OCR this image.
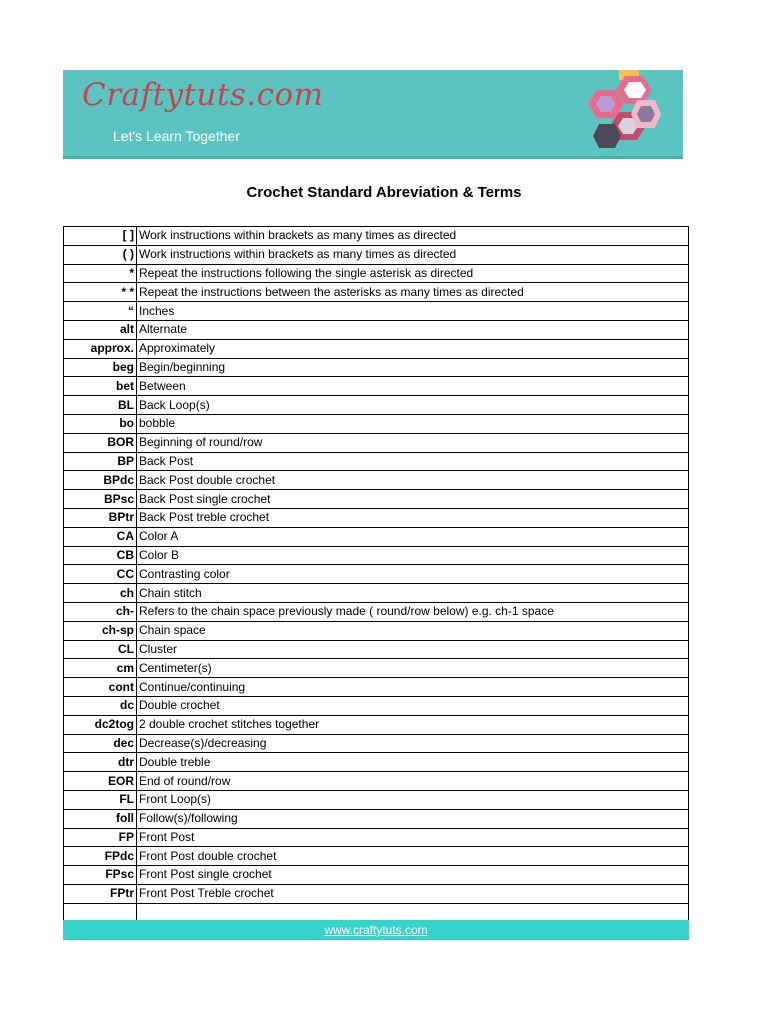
Craftytuts.com
Let's Learn Together
Crochet Standard Abreviation & Terms
[ ]	Work instructions within brackets as many times as directed
( )	Work instructions within brackets as many times as directed
*	Repeat the instructions following the single asterisk as directed
* *	Repeat the instructions between the asterisks as many times as directed
“	Inches
alt	Alternate
approx.	Approximately
beg	Begin/beginning
bet	Between
BL	Back Loop(s)
bo	bobble
BOR	Beginning of round/row
BP	Back Post
BPdc	Back Post double crochet
BPsc	Back Post single crochet
BPtr	Back Post treble crochet
CA	Color A
CB	Color B
CC	Contrasting color
ch	Chain stitch
ch-	Refers to the chain space previously made ( round/row below) e.g. ch-1 space
ch-sp	Chain space
CL	Cluster
cm	Centimeter(s)
cont	Continue/continuing
dc	Double crochet
dc2tog	2 double crochet stitches together
dec	Decrease(s)/decreasing
dtr	Double treble
EOR	End of round/row
FL	Front Loop(s)
foll	Follow(s)/following
FP	Front Post
FPdc	Front Post double crochet
FPsc	Front Post single crochet
FPtr	Front Post Treble crochet

www.craftytuts.com
